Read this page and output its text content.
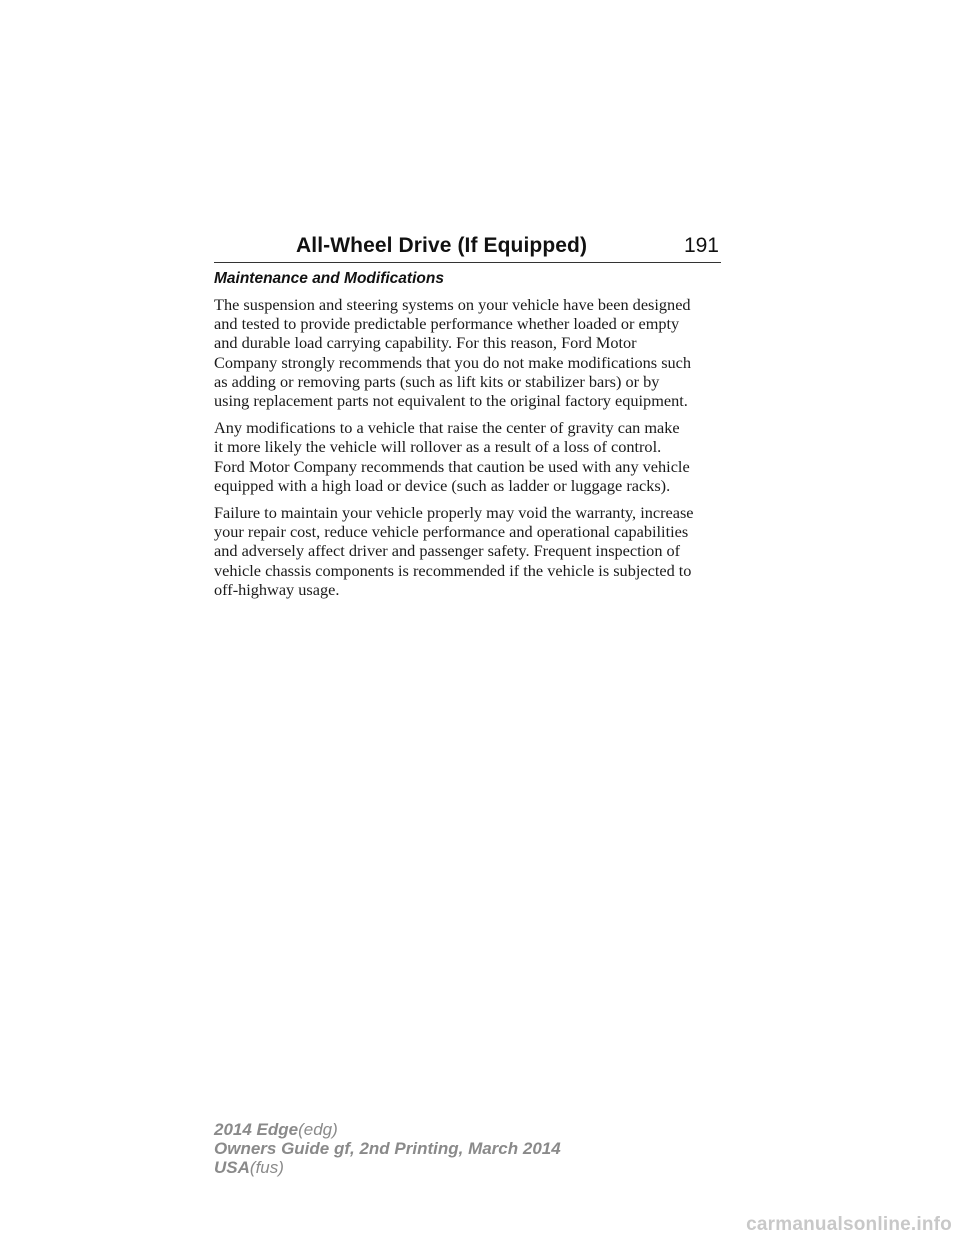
All-Wheel Drive (If Equipped)	191
Maintenance and Modifications

The suspension and steering systems on your vehicle have been designed
and tested to provide predictable performance whether loaded or empty
and durable load carrying capability. For this reason, Ford Motor
Company strongly recommends that you do not make modifications such
as adding or removing parts (such as lift kits or stabilizer bars) or by
using replacement parts not equivalent to the original factory equipment.

Any modifications to a vehicle that raise the center of gravity can make
it more likely the vehicle will rollover as a result of a loss of control.
Ford Motor Company recommends that caution be used with any vehicle
equipped with a high load or device (such as ladder or luggage racks).

Failure to maintain your vehicle properly may void the warranty, increase
your repair cost, reduce vehicle performance and operational capabilities
and adversely affect driver and passenger safety. Frequent inspection of
vehicle chassis components is recommended if the vehicle is subjected to
off-highway usage.

2014 Edge(edg)
Owners Guide gf, 2nd Printing, March 2014
USA(fus)
carmanualsonline.info
